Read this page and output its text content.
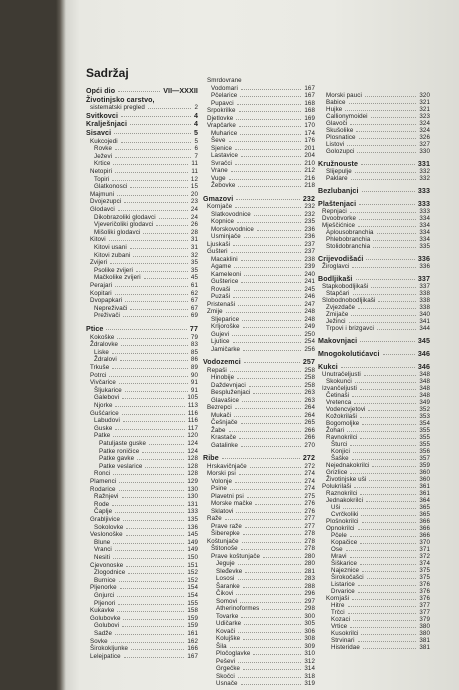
Sadržaj
Opći dio	VII—XXXII
Životinjsko carstvo,
sistematski pregled	2
Svitkovci	4
Kralješnjaci	4
Sisavci	5
Kukcojedi	5
Rovke	6
Ježevi	7
Krtice	11
Netopiri	11
Topiri	12
Glatkonosci	15
Majmuni	20
Dvojezupci	23
Glodavci	24
Dikobrazoliki glodavci	24
Vjeveričoliki glodavci	26
Mišoliki glodavci	28
Kitovi	31
Kitovi usani	31
Kitovi zubani	32
Zvijeri	35
Psolike zvijeri	35
Mačkolike zvijeri	45
Perajari	61
Kopitari	62
Dvopapkari	67
Nepreživači	67
Preživači	69
Ptice	77
Kokoške	79
Ždralovke	83
Liske	85
Ždralovi	86
Trkuše	89
Potrci	90
Vivčarice	91
Šljukarice	91
Galebovi	105
Njorke	113
Gušćarice	116
Labudovi	116
Guske	117
Patke	120
Patuljaste guske	124
Patke roničice	124
Patke gavke	128
Patke veslarice	128
Ronci	128
Plamenci	129
Rodarice	130
Ražnjevi	130
Rode	131
Čaplje	133
Grabljivice	135
Sokolovke	136
Veslonoške	145
Blune	149
Vranci	149
Nesiti	150
Cjevonoske	151
Zlogodnice	152
Burnice	152
Pljenorke	154
Gnjurci	154
Pljenori	155
Kukavke	158
Golubovke	159
Golubovi	159
Sadže	161
Sovke	162
Širokokljunke	166
Lelejpatice	167
Smrdovrane
Vodomari	167
Pčelarice	167
Pupavci	168
Srpokrilke	168
Djetlovke	169
Vrapčarke	170
Muharice	174
Ševe	176
Sjenice	201
Lastavice	204
Svračci	210
Vrane	212
Vuge	216
Žebovke	218
Gmazovi	232
Kornjače	232
Slatkovodnice	232
Kopnice	235
Morskovodnice	236
Usminjače	236
Ljuskaši	237
Gušteri	237
Macaklini	238
Agame	239
Kameleoni	240
Gušterice	241
Rovaši	245
Puzaši	246
Pristenaši	247
Zmije	248
Sljeparice	248
Krljoroške	249
Gujevi	250
Ljutice	254
Jamičarke	256
Vodozemci	257
Repaši	258
Hinobije	258
Daždevnjaci	258
Bespluženjaci	263
Glavašice	263
Bezrepci	264
Mukači	264
Češnjače	265
Žabe	266
Krastače	266
Gatalinke	270
Ribe	272
Hrskavičnjače	272
Morski psi	274
Volonje	274
Psine	274
Plavetni psi	275
Morske mačke	276
Sklatovi	276
Raže	277
Prave raže	277
Šiberepke	278
Koštunjače	278
Štitonoše	278
Prave koštunjače	280
Jeguje	280
Sleđevke	281
Lososi	283
Šaranke	288
Čikovi	296
Somovi	297
Atherinoformes	298
Tovarke	300
Udičarke	305
Kovači	306
Kolujške	308
Šila	309
Pločoglavke	310
Peševi	312
Grgečke	314
Skočci	318
Usnače	319
Morski pauci	320
Babice	321
Hujke	321
Callionymoidei	323
Glavoči	324
Skušolike	324
Plosnatice	326
Listovi	327
Golozupci	330
Kružnouste	331
Slijepulje	332
Paklare	332
Bezlubanjci	333
Plaštenjaci	333
Repnjaci	333
Dvoobvorke	334
Mješčićnice	334
Aplousobranchia	334
Phlebobranchia	334
Stolidobranchia	335
Crijevodišaći	336
Žiroglavci	336
Bodljikaši	337
Stapkobodljikaši	337
Stapčari	338
Slobodnobodljikaši	338
Zvjezdače	338
Zmijače	340
Ježinci	341
Trpovi i brizgavci	344
Makovnjaci	345
Mnogokolutićavci	346
Kukci	346
Unutračeljusti	348
Skokunci	348
Izvančeljusti	348
Četinaši	348
Vretenca	349
Vodencvjetovi	352
Kožokrilaši	353
Bogomoljke	354
Žohari	355
Ravnokrilci	355
Šturci	355
Konjici	356
Šaške	357
Nejednakokrilci	359
Grizlice	360
Životinjske uši	360
Polukrilaši	361
Raznokrilci	361
Jednakokrilci	364
Uši	365
Cvrčkoliki	365
Plošnokrilci	366
Opnokrilci	366
Pčele	366
Kopačice	370
Ose	371
Mravi	372
Šiškarice	374
Najeznice	375
Širokočašci	375
Listarice	376
Drvarice	376
Kornjaši	376
Hitre	377
Trčci	377
Kozaci	379
Vrtice	380
Kusokrilci	380
Strvinari	381
Histeridae	381
